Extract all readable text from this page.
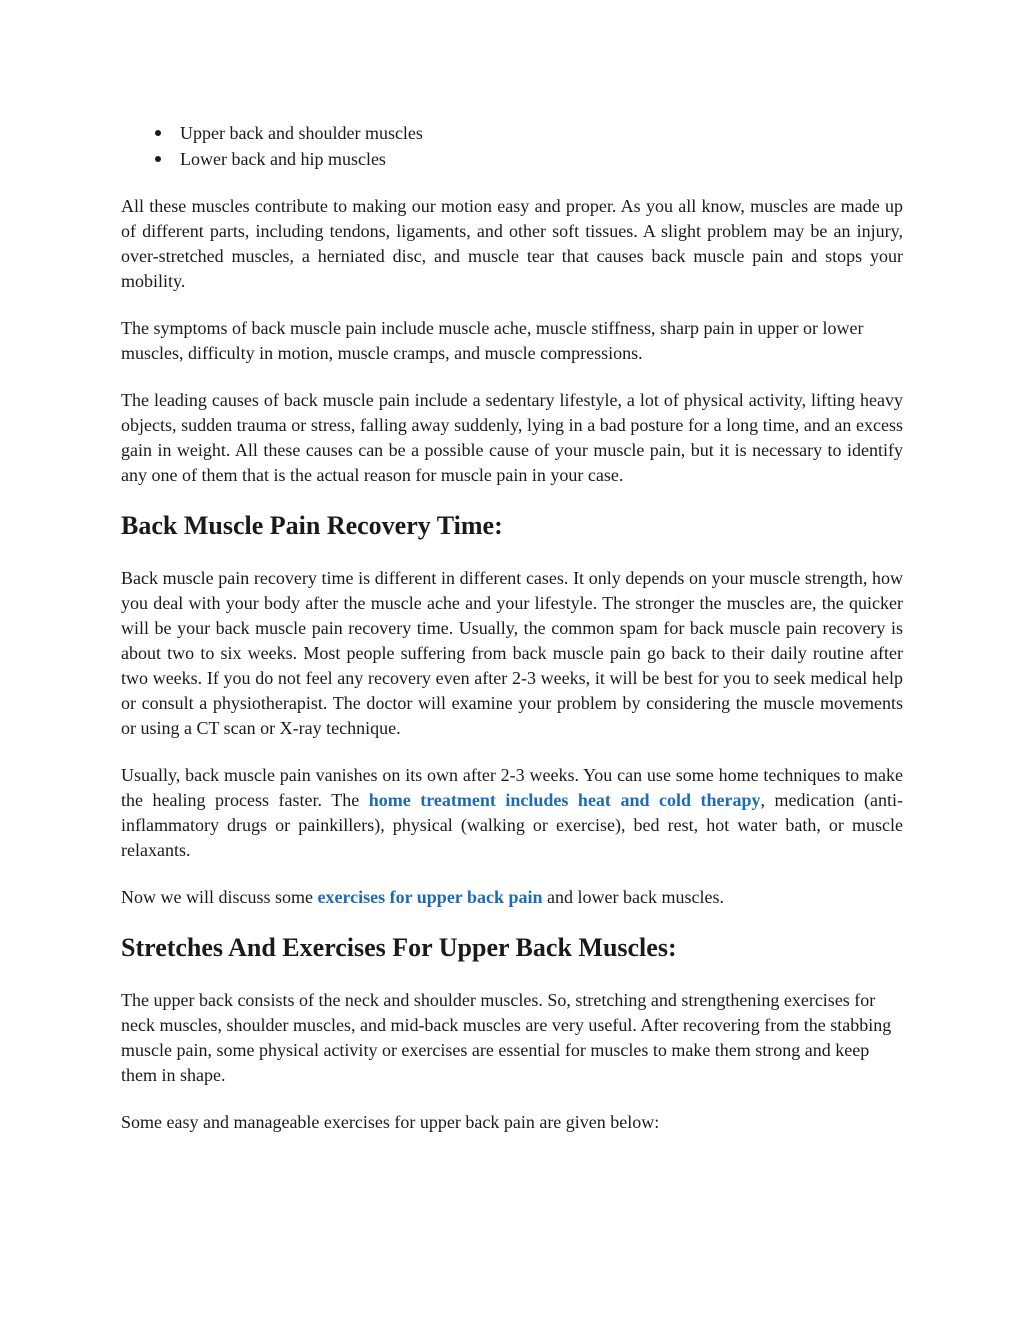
Upper back and shoulder muscles
Lower back and hip muscles

All these muscles contribute to making our motion easy and proper. As you all know, muscles are made up of different parts, including tendons, ligaments, and other soft tissues. A slight problem may be an injury, over-stretched muscles, a herniated disc, and muscle tear that causes back muscle pain and stops your mobility.

The symptoms of back muscle pain include muscle ache, muscle stiffness, sharp pain in upper or lower muscles, difficulty in motion, muscle cramps, and muscle compressions.

The leading causes of back muscle pain include a sedentary lifestyle, a lot of physical activity, lifting heavy objects, sudden trauma or stress, falling away suddenly, lying in a bad posture for a long time, and an excess gain in weight. All these causes can be a possible cause of your muscle pain, but it is necessary to identify any one of them that is the actual reason for muscle pain in your case.

Back Muscle Pain Recovery Time:

Back muscle pain recovery time is different in different cases. It only depends on your muscle strength, how you deal with your body after the muscle ache and your lifestyle. The stronger the muscles are, the quicker will be your back muscle pain recovery time. Usually, the common spam for back muscle pain recovery is about two to six weeks. Most people suffering from back muscle pain go back to their daily routine after two weeks. If you do not feel any recovery even after 2-3 weeks, it will be best for you to seek medical help or consult a physiotherapist. The doctor will examine your problem by considering the muscle movements or using a CT scan or X-ray technique.

Usually, back muscle pain vanishes on its own after 2-3 weeks. You can use some home techniques to make the healing process faster. The home treatment includes heat and cold therapy, medication (anti-inflammatory drugs or painkillers), physical (walking or exercise), bed rest, hot water bath, or muscle relaxants.

Now we will discuss some exercises for upper back pain and lower back muscles.

Stretches And Exercises For Upper Back Muscles:

The upper back consists of the neck and shoulder muscles. So, stretching and strengthening exercises for neck muscles, shoulder muscles, and mid-back muscles are very useful. After recovering from the stabbing muscle pain, some physical activity or exercises are essential for muscles to make them strong and keep them in shape.

Some easy and manageable exercises for upper back pain are given below:
